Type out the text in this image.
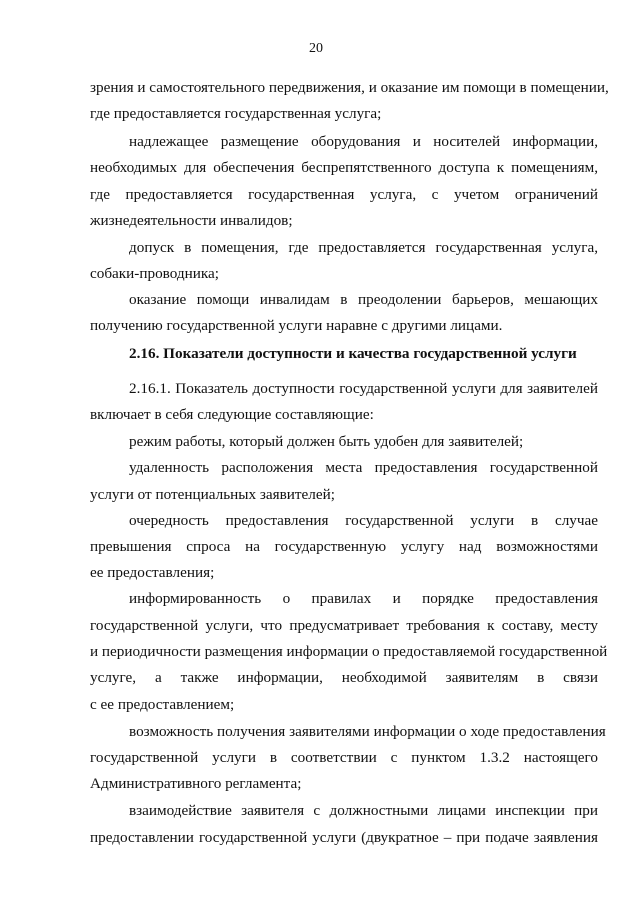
20
зрения и самостоятельного передвижения, и оказание им помощи в помещении,
где предоставляется государственная услуга;
надлежащее размещение оборудования и носителей информации,
необходимых для обеспечения беспрепятственного доступа к помещениям,
где предоставляется государственная услуга, с учетом ограничений
жизнедеятельности инвалидов;
допуск в помещения, где предоставляется государственная услуга,
собаки-проводника;
оказание помощи инвалидам в преодолении барьеров, мешающих
получению государственной услуги наравне с другими лицами.
2.16. Показатели доступности и качества государственной услуги
2.16.1. Показатель доступности государственной услуги для заявителей
включает в себя следующие составляющие:
режим работы, который должен быть удобен для заявителей;
удаленность расположения места предоставления государственной
услуги от потенциальных заявителей;
очередность предоставления государственной услуги в случае
превышения спроса на государственную услугу над возможностями
ее предоставления;
информированность о правилах и порядке предоставления
государственной услуги, что предусматривает требования к составу, месту
и периодичности размещения информации о предоставляемой государственной
услуге, а также информации, необходимой заявителям в связи
с ее предоставлением;
возможность получения заявителями информации о ходе предоставления
государственной услуги в соответствии с пунктом 1.3.2 настоящего
Административного регламента;
взаимодействие заявителя с должностными лицами инспекции при
предоставлении государственной услуги (двукратное – при подаче заявления
